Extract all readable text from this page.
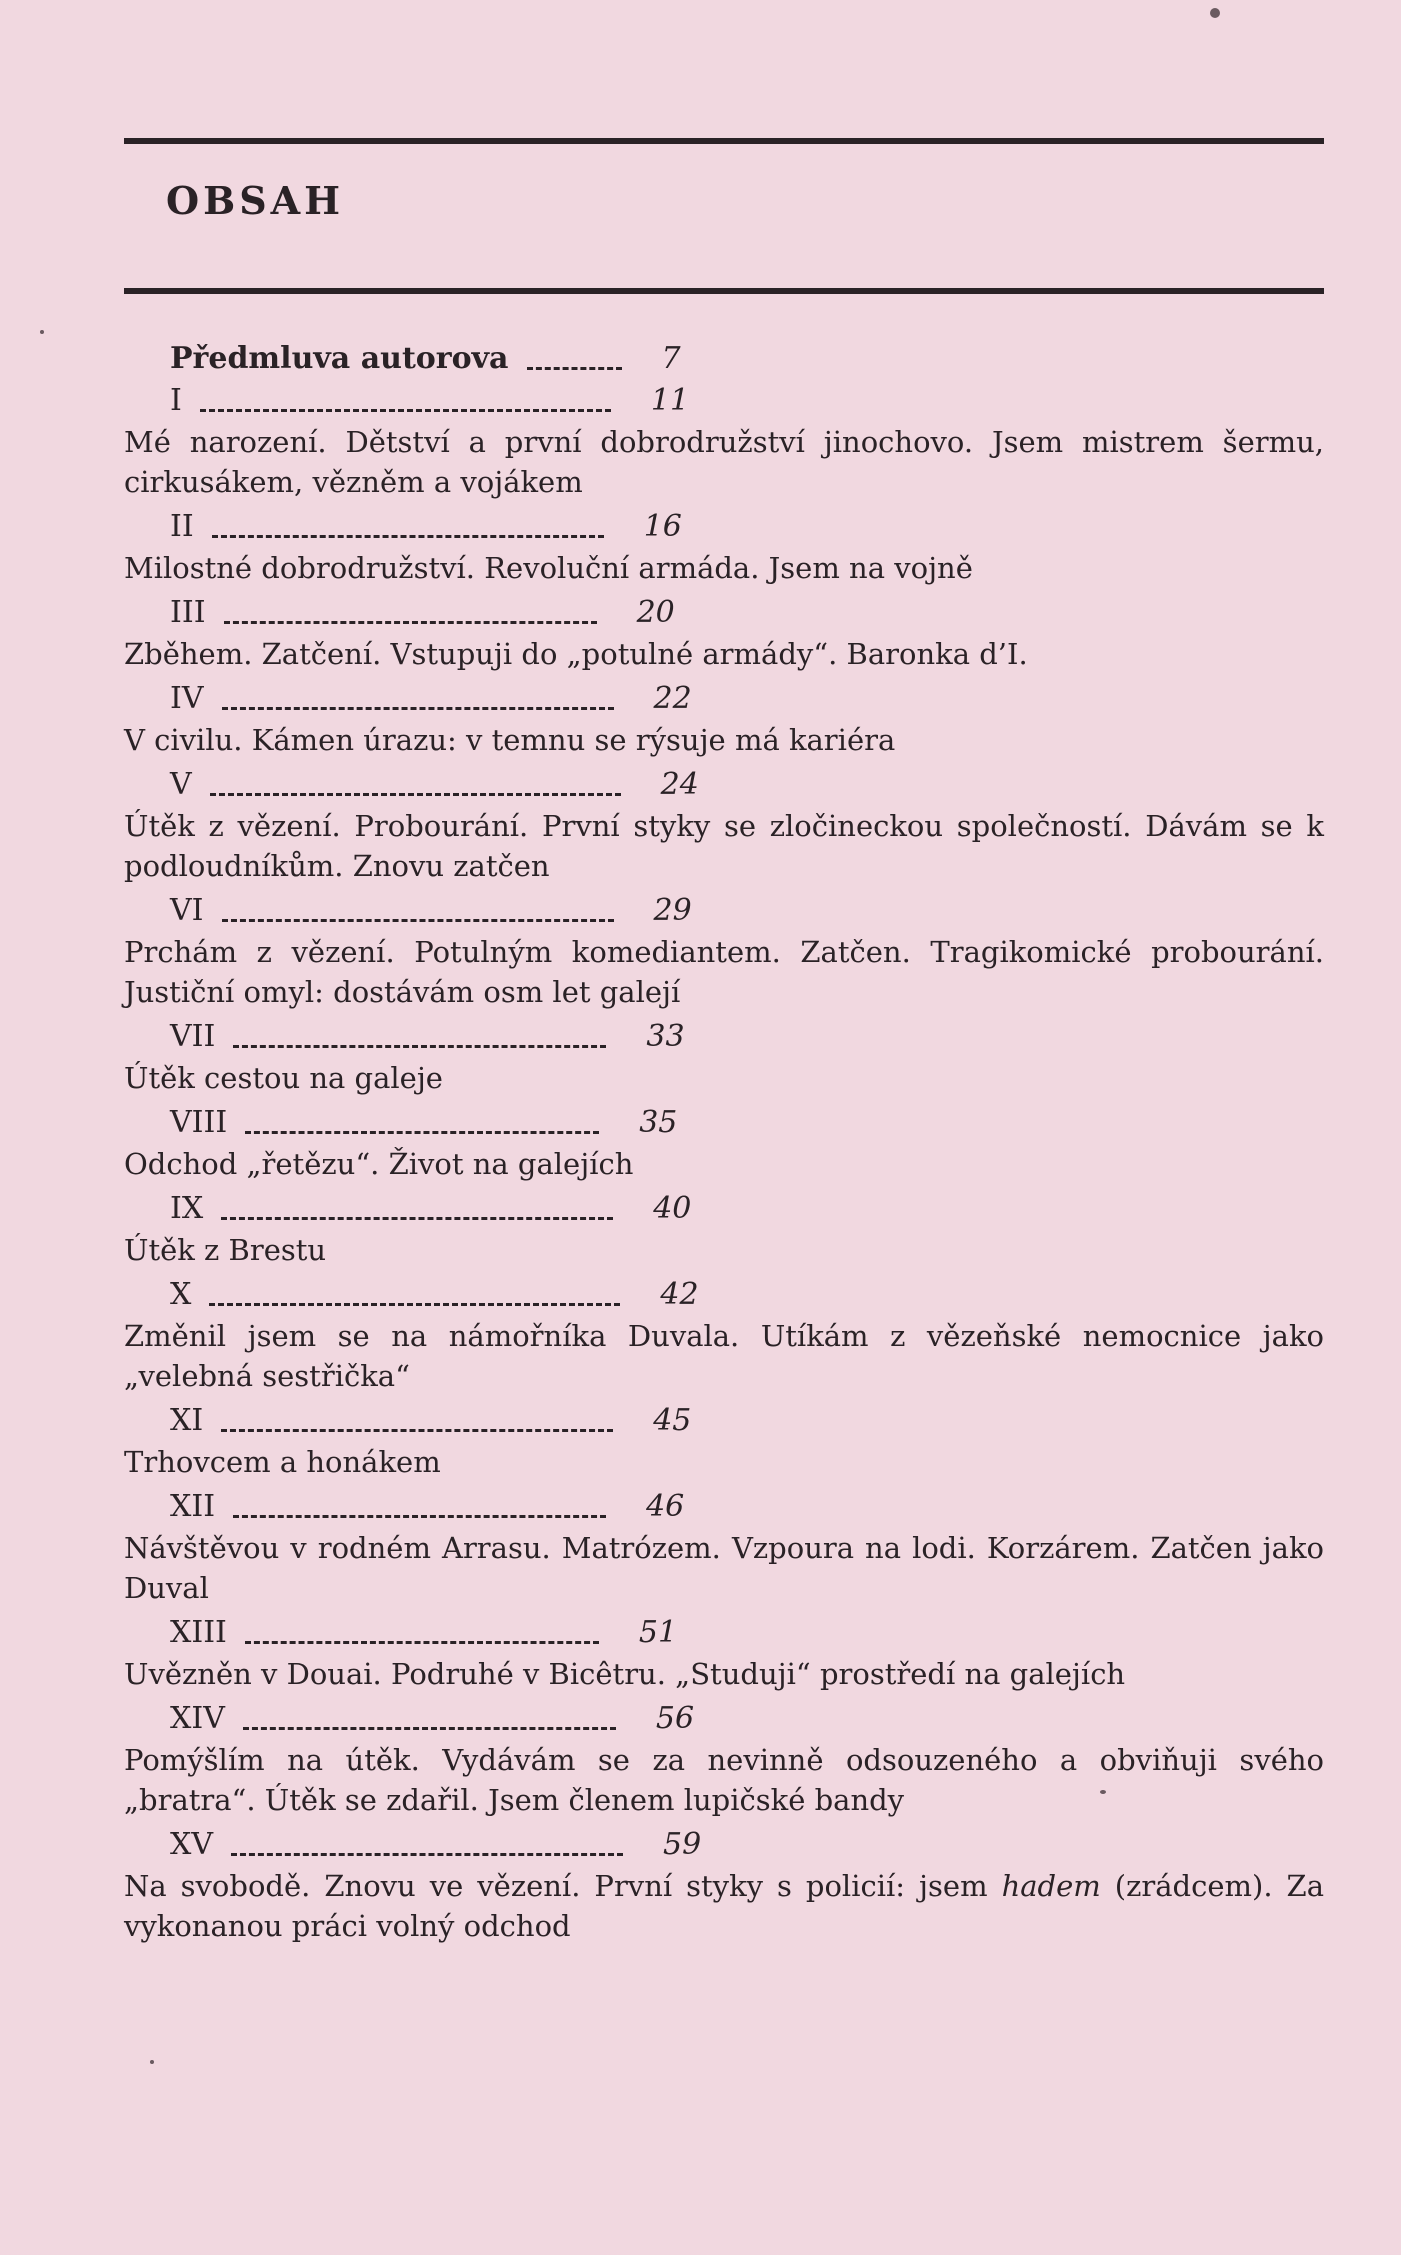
OBSAH
Předmluva autorova	7
I	11
Mé narození. Dětství a první dobrodružství jinochovo. Jsem mistrem šermu, cirkusákem, vězněm a vojákem
II	16
Milostné dobrodružství. Revoluční armáda. Jsem na vojně
III	20
Zběhem. Zatčení. Vstupuji do „potulné armády“. Baronka d’I.
IV	22
V civilu. Kámen úrazu: v temnu se rýsuje má kariéra
V	24
Útěk z vězení. Probourání. První styky se zločineckou společností. Dávám se k podloudníkům. Znovu zatčen
VI	29
Prchám z vězení. Potulným komediantem. Zatčen. Tragikomické probourání. Justiční omyl: dostávám osm let galejí
VII	33
Útěk cestou na galeje
VIII	35
Odchod „řetězu“. Život na galejích
IX	40
Útěk z Brestu
X	42
Změnil jsem se na námořníka Duvala. Utíkám z vězeňské nemocnice jako „velebná sestřička“
XI	45
Trhovcem a honákem
XII	46
Návštěvou v rodném Arrasu. Matrózem. Vzpoura na lodi. Korzárem. Zatčen jako Duval
XIII	51
Uvězněn v Douai. Podruhé v Bicêtru. „Studuji“ prostředí na galejích
XIV	56
Pomýšlím na útěk. Vydávám se za nevinně odsouzeného a obviňuji svého „bratra“. Útěk se zdařil. Jsem členem lupičské bandy
XV	59
Na svobodě. Znovu ve vězení. První styky s policií: jsem hadem (zrádcem). Za vykonanou práci volný odchod
